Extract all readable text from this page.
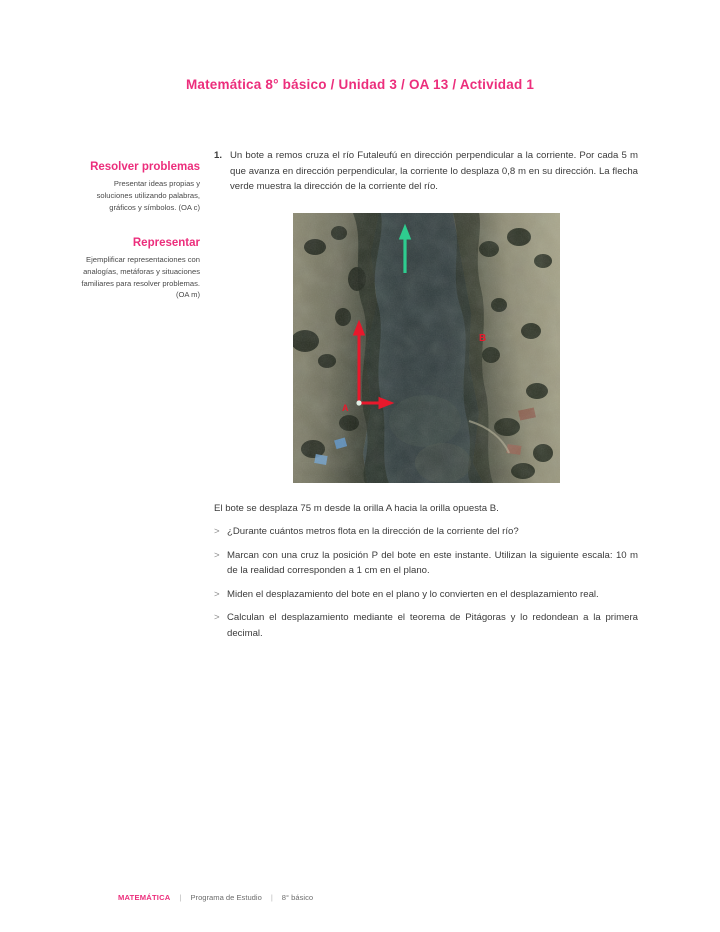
Matemática 8° básico / Unidad 3 / OA 13 / Actividad 1
Resolver problemas
Presentar ideas propias y soluciones utilizando palabras, gráficos y símbolos. (OA c)
Representar
Ejemplificar representaciones con analogías, metáforas y situaciones familiares para resolver problemas. (OA m)
1. Un bote a remos cruza el río Futaleufú en dirección perpendicular a la corriente. Por cada 5 m que avanza en dirección perpendicular, la corriente lo desplaza 0,8 m en su dirección. La flecha verde muestra la dirección de la corriente del río.
A
B
El bote se desplaza 75 m desde la orilla A hacia la orilla opuesta B.
> ¿Durante cuántos metros flota en la dirección de la corriente del río?
> Marcan con una cruz la posición P del bote en este instante. Utilizan la siguiente escala: 10 m de la realidad corresponden a 1 cm en el plano.
> Miden el desplazamiento del bote en el plano y lo convierten en el desplazamiento real.
> Calculan el desplazamiento mediante el teorema de Pitágoras y lo redondean a la primera decimal.
MATEMÁTICA | Programa de Estudio | 8° básico
